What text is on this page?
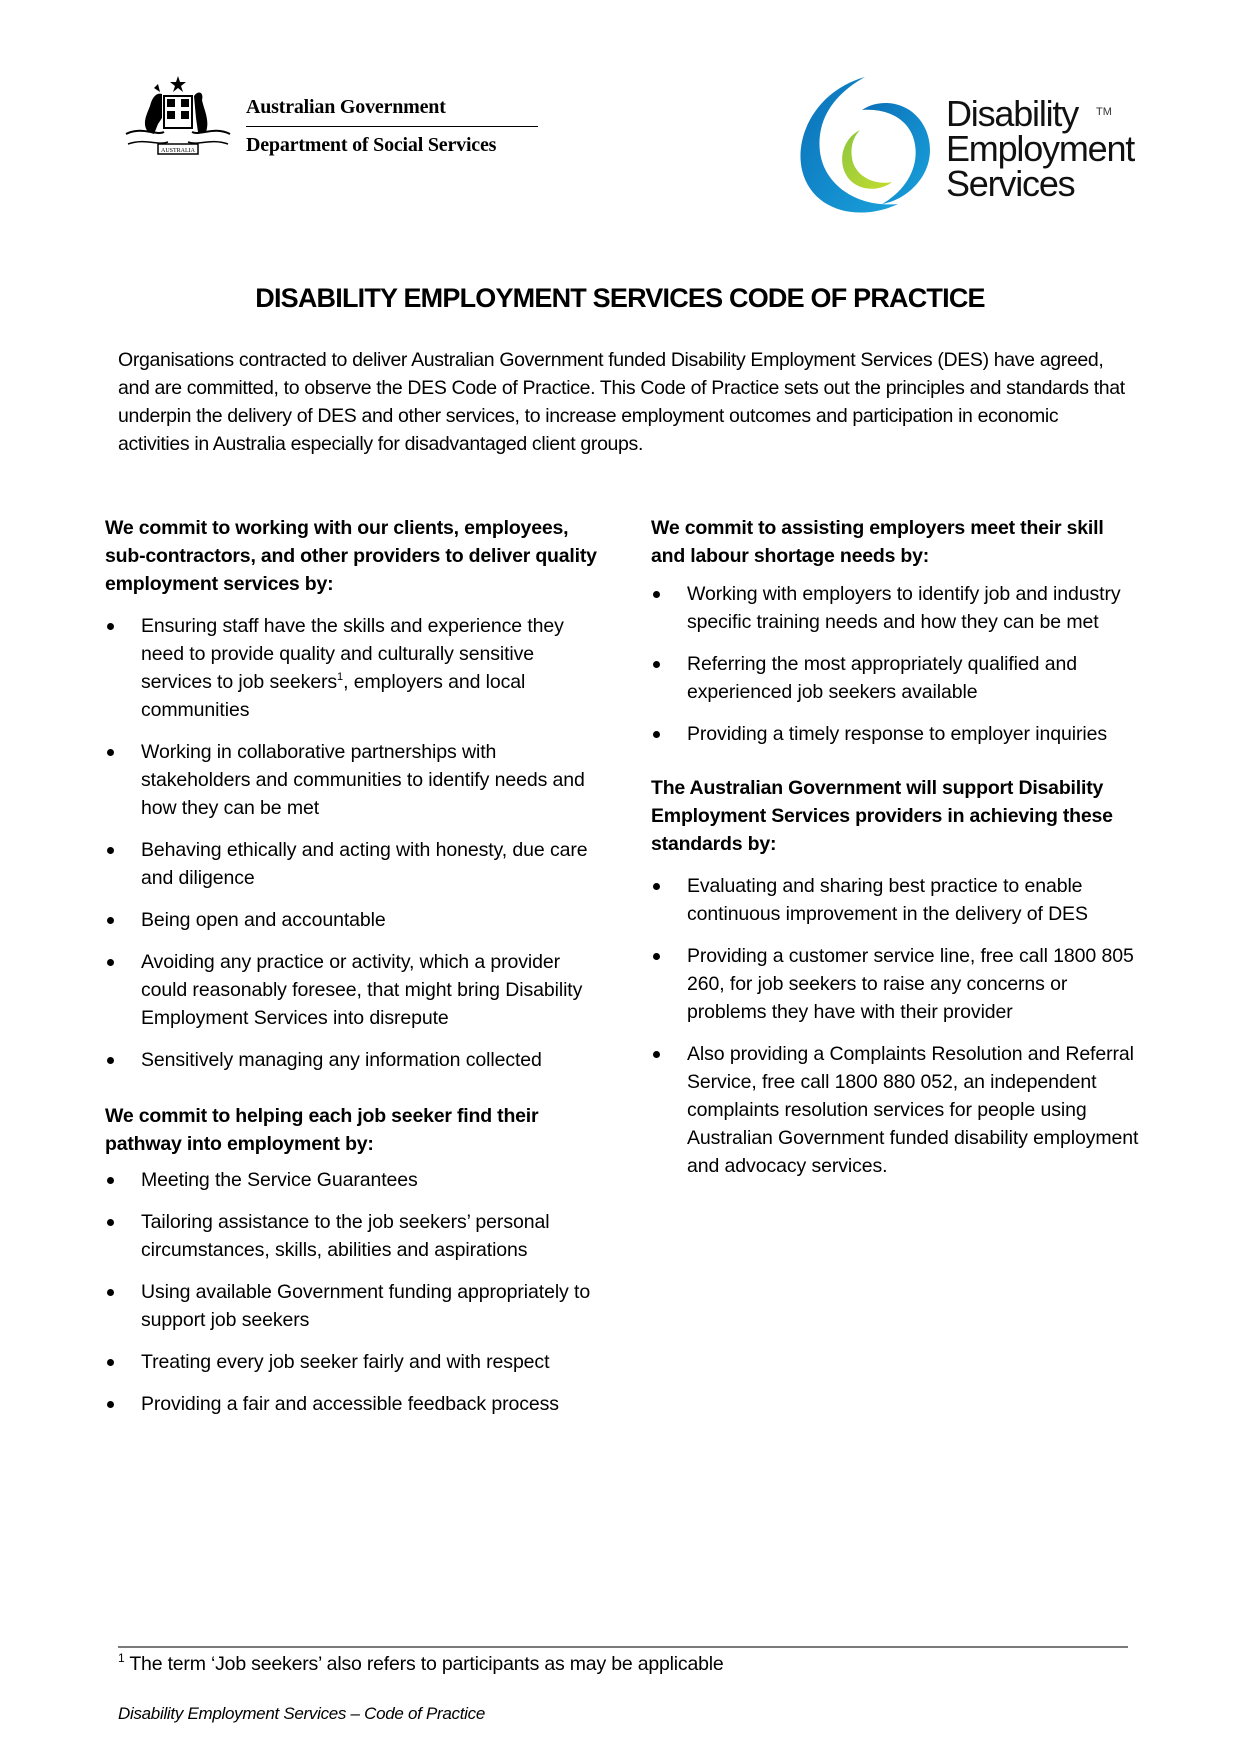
AUSTRALIA
Australian Government
Department of Social Services
Disability
Employment
Services
TM
DISABILITY EMPLOYMENT SERVICES CODE OF PRACTICE
Organisations contracted to deliver Australian Government funded Disability Employment Services (DES) have agreed, and are committed, to observe the DES Code of Practice. This Code of Practice sets out the principles and standards that underpin the delivery of DES and other services, to increase employment outcomes and participation in economic activities in Australia especially for disadvantaged client groups.
We commit to working with our clients, employees, sub-contractors, and other providers to deliver quality employment services by:
Ensuring staff have the skills and experience they need to provide quality and culturally sensitive services to job seekers$^1$, employers and local communities
Working in collaborative partnerships with stakeholders and communities to identify needs and how they can be met
Behaving ethically and acting with honesty, due care and diligence
Being open and accountable
Avoiding any practice or activity, which a provider could reasonably foresee, that might bring Disability Employment Services into disrepute
Sensitively managing any information collected
We commit to helping each job seeker find their pathway into employment by:
Meeting the Service Guarantees
Tailoring assistance to the job seekers’ personal circumstances, skills, abilities and aspirations
Using available Government funding appropriately to support job seekers
Treating every job seeker fairly and with respect
Providing a fair and accessible feedback process
We commit to assisting employers meet their skill and labour shortage needs by:
Working with employers to identify job and industry specific training needs and how they can be met
Referring the most appropriately qualified and experienced job seekers available
Providing a timely response to employer inquiries
The Australian Government will support Disability Employment Services providers in achieving these standards by:
Evaluating and sharing best practice to enable continuous improvement in the delivery of DES
Providing a customer service line, free call 1800 805 260, for job seekers to raise any concerns or problems they have with their provider
Also providing a Complaints Resolution and Referral Service, free call 1800 880 052, an independent complaints resolution services for people using Australian Government funded disability employment and advocacy services.
$^1$ The term ‘Job seekers’ also refers to participants as may be applicable
Disability Employment Services – Code of Practice
